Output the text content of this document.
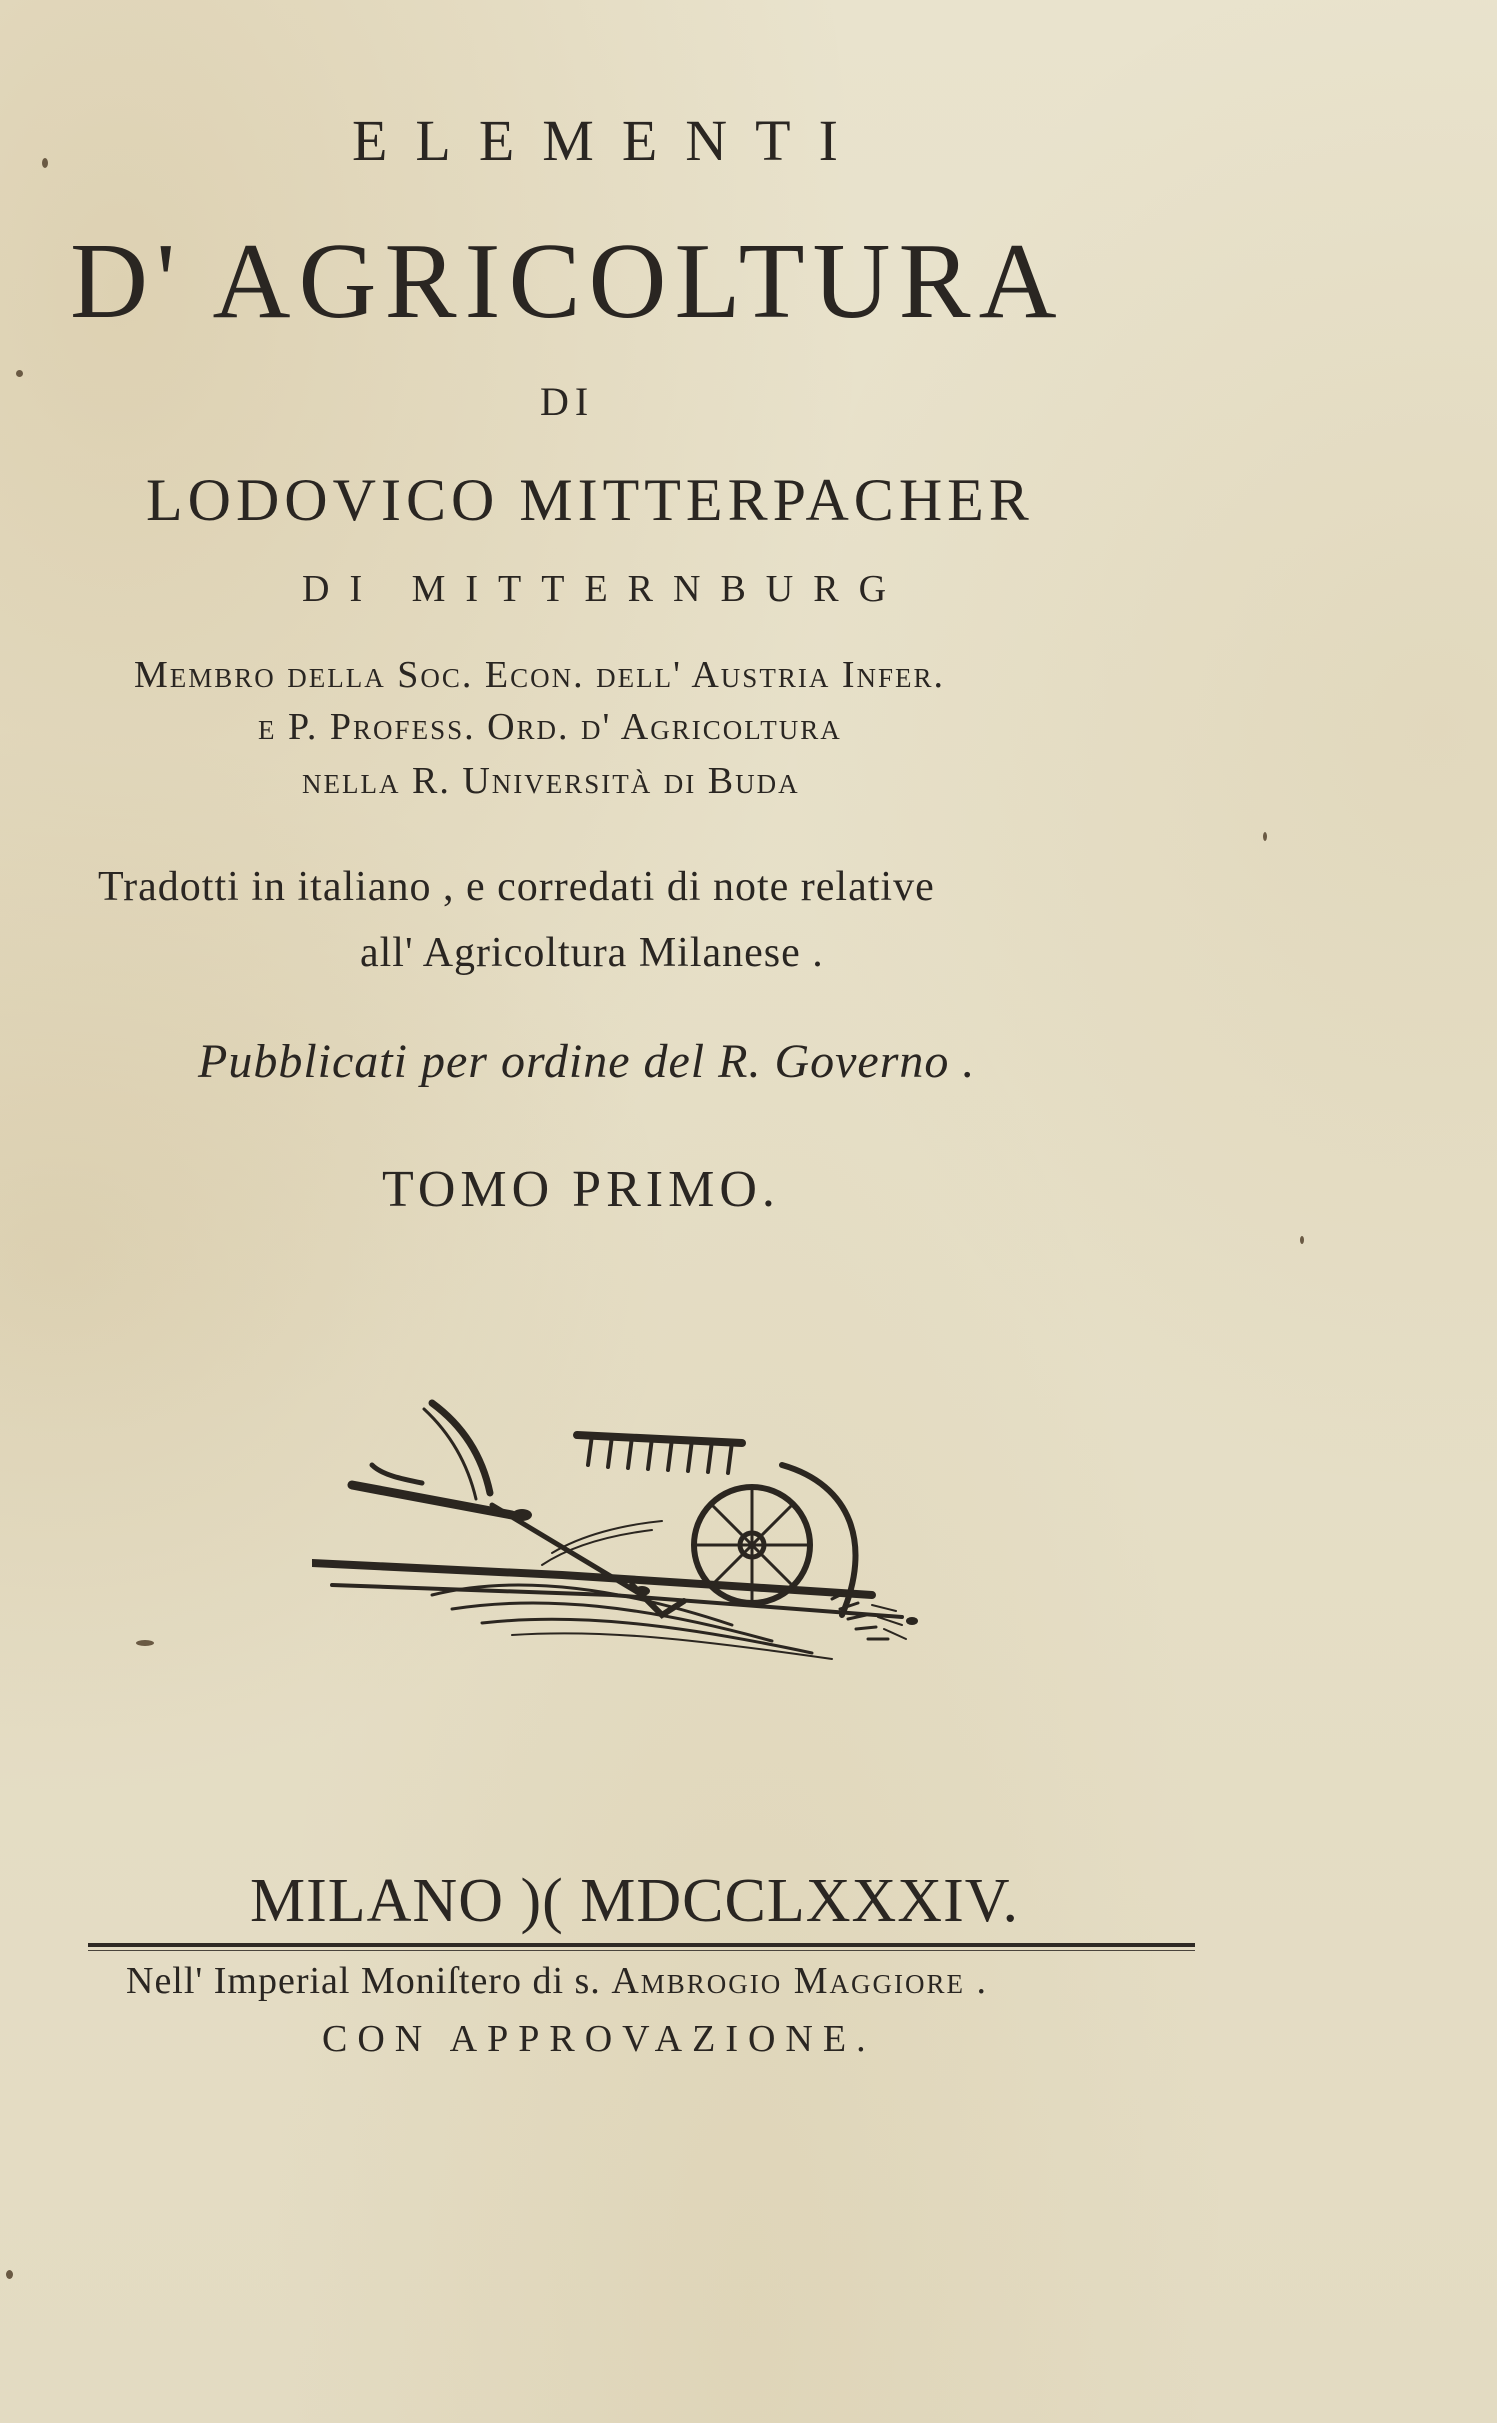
ELEMENTI

D' AGRICOLTURA

DI

LODOVICO MITTERPACHER

DI MITTERNBURG

Membro della Soc. Econ. dell' Austria Infer.

e P. Profess. Ord. d' Agricoltura

nella R. Università di Buda

Tradotti in italiano , e corredati di note relative

all' Agricoltura Milanese .

Pubblicati per ordine del R. Governo .

TOMO PRIMO.

MILANO )( MDCCLXXXIV.

Nell' Imperial Moniſtero di s. Ambrogio Maggiore .

CON APPROVAZIONE.
